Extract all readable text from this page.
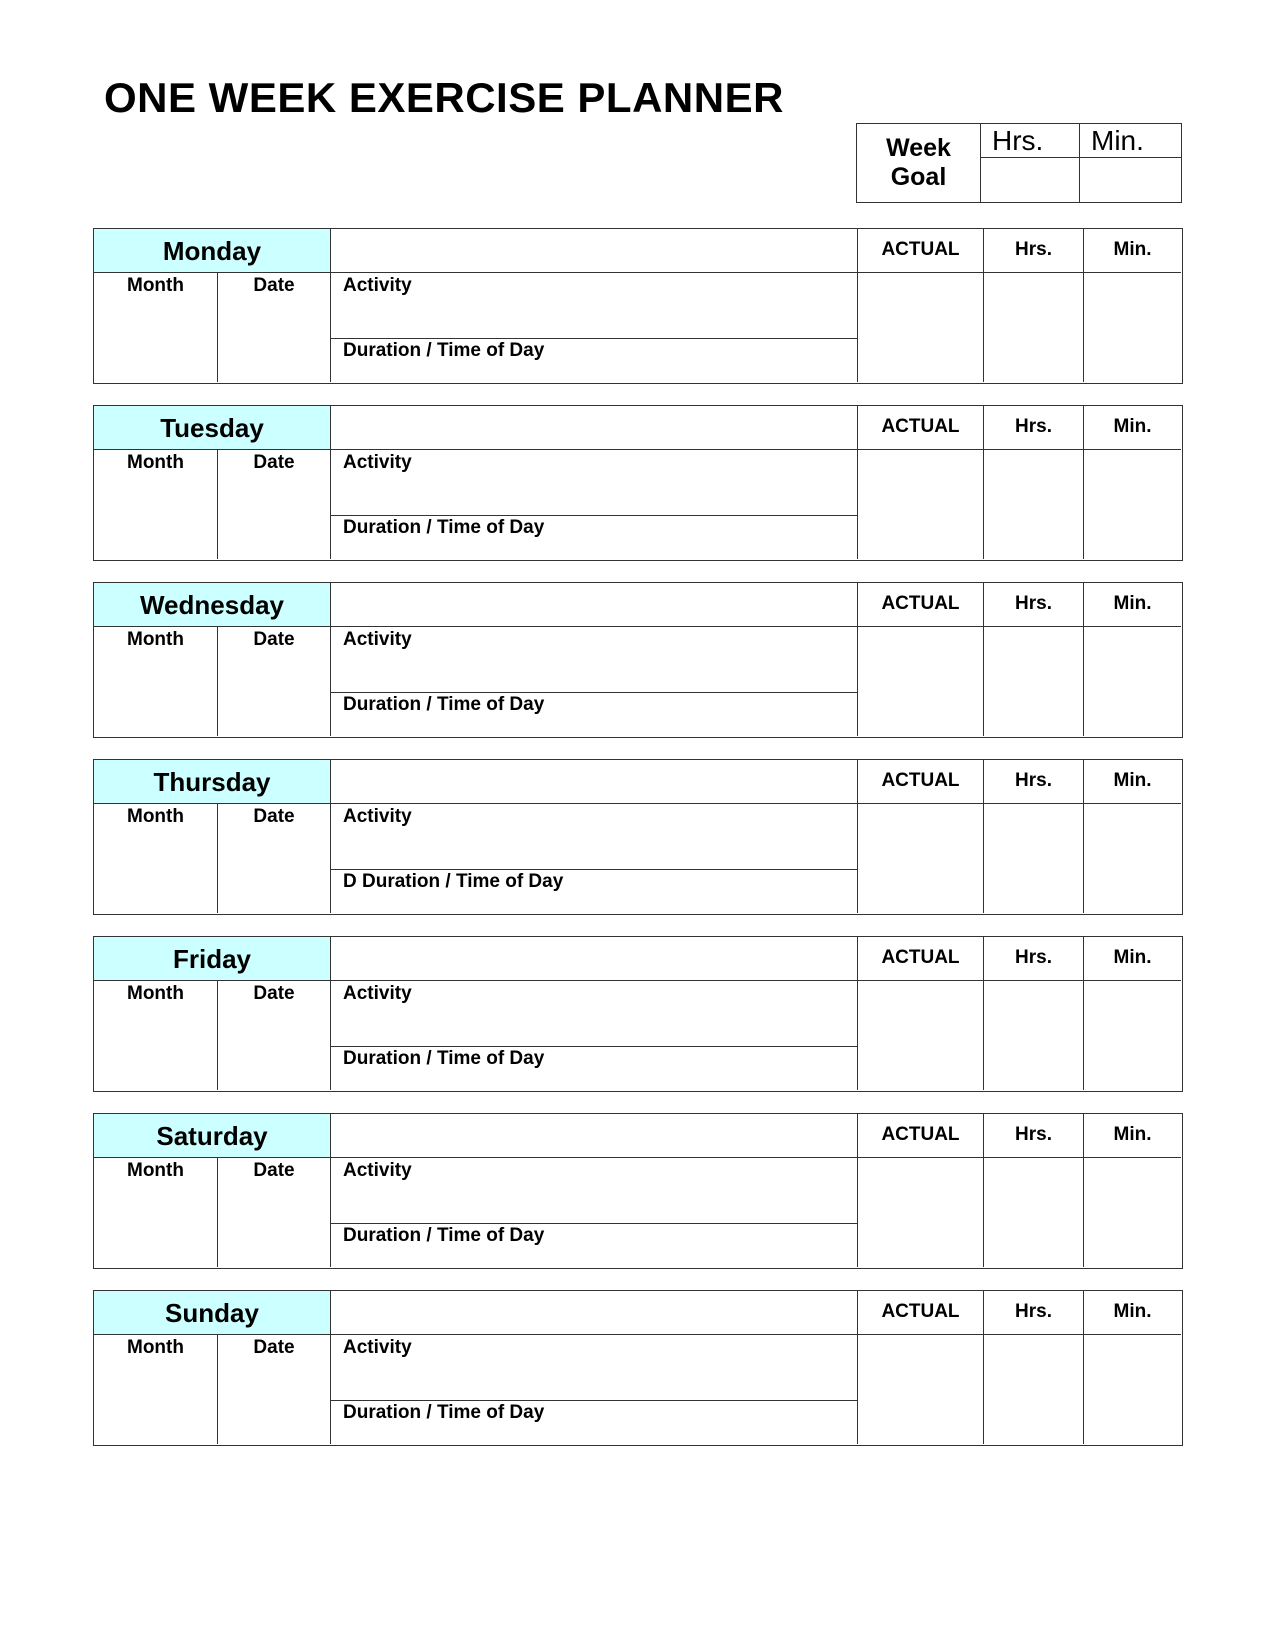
ONE WEEK EXERCISE PLANNER
Week
Goal
Hrs.	Min.
Monday	ACTUAL	Hrs.	Min.
Month	Date	Activity
Duration / Time of Day
Tuesday	ACTUAL	Hrs.	Min.
Month	Date	Activity
Duration / Time of Day
Wednesday	ACTUAL	Hrs.	Min.
Month	Date	Activity
Duration / Time of Day
Thursday	ACTUAL	Hrs.	Min.
Month	Date	Activity
D Duration / Time of Day
Friday	ACTUAL	Hrs.	Min.
Month	Date	Activity
Duration / Time of Day
Saturday	ACTUAL	Hrs.	Min.
Month	Date	Activity
Duration / Time of Day
Sunday	ACTUAL	Hrs.	Min.
Month	Date	Activity
Duration / Time of Day
